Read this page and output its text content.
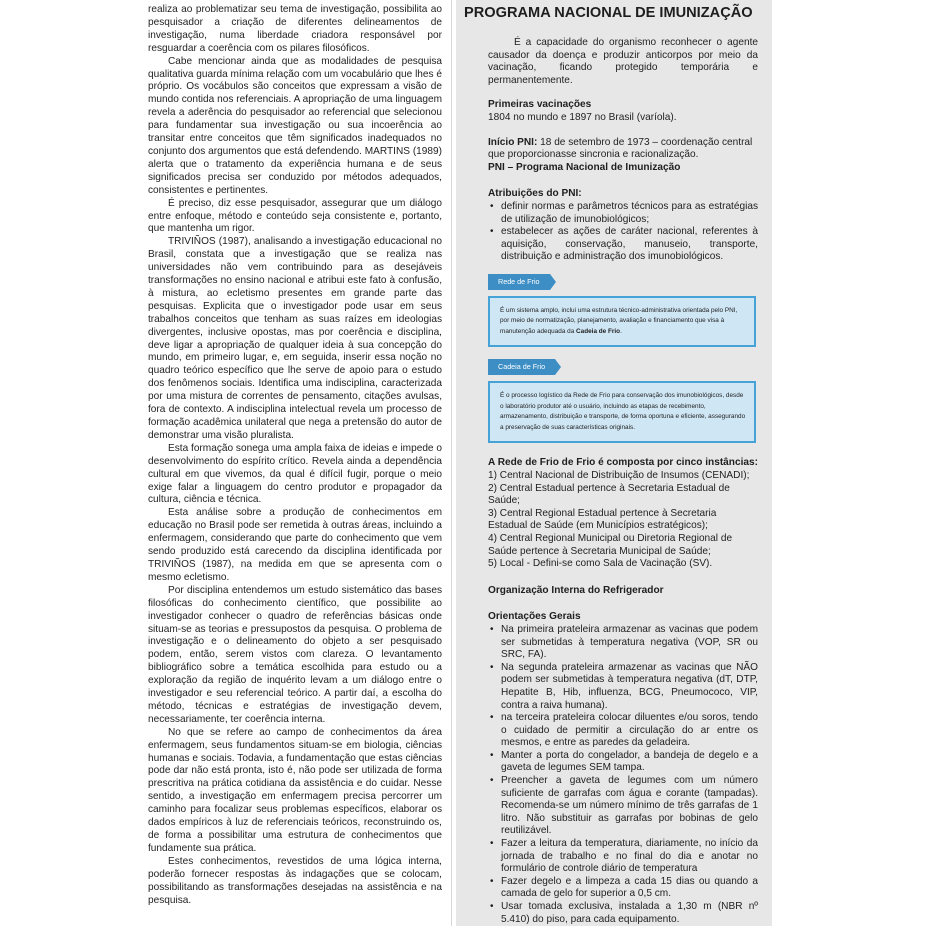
realiza ao problematizar seu tema de investigação, possibilita ao pesquisador a criação de diferentes delineamentos de investigação, numa liberdade criadora responsável por resguardar a coerência com os pilares filosóficos.

Cabe mencionar ainda que as modalidades de pesquisa qualitativa guarda mínima relação com um vocabulário que lhes é próprio. Os vocábulos são conceitos que expressam a visão de mundo contida nos referenciais. A apropriação de uma linguagem revela a aderência do pesquisador ao referencial que selecionou para fundamentar sua investigação ou sua incoerência ao transitar entre conceitos que têm significados inadequados no conjunto dos argumentos que está defendendo. MARTINS (1989) alerta que o tratamento da experiência humana e de seus significados precisa ser conduzido por métodos adequados, consistentes e pertinentes.

É preciso, diz esse pesquisador, assegurar que um diálogo entre enfoque, método e conteúdo seja consistente e, portanto, que mantenha um rigor.

TRIVIÑOS (1987), analisando a investigação educacional no Brasil, constata que a investigação que se realiza nas universidades não vem contribuindo para as desejáveis transformações no ensino nacional e atribui este fato à confusão, à mistura, ao ecletismo presentes em grande parte das pesquisas. Explicita que o investigador pode usar em seus trabalhos conceitos que tenham as suas raízes em ideologias divergentes, inclusive opostas, mas por coerência e disciplina, deve ligar a apropriação de qualquer ideia à sua concepção do mundo, em primeiro lugar, e, em seguida, inserir essa noção no quadro teórico específico que lhe serve de apoio para o estudo dos fenômenos sociais. Identifica uma indisciplina, caracterizada por uma mistura de correntes de pensamento, citações avulsas, fora de contexto. A indisciplina intelectual revela um processo de formação acadêmica unilateral que nega a pretensão do autor de demonstrar uma visão pluralista.

Esta formação sonega uma ampla faixa de ideias e impede o desenvolvimento do espírito crítico. Revela ainda a dependência cultural em que vivemos, da qual é difícil fugir, porque o meio exige falar a linguagem do centro produtor e propagador da cultura, ciência e técnica.

Esta análise sobre a produção de conhecimentos em educação no Brasil pode ser remetida à outras áreas, incluindo a enfermagem, considerando que parte do conhecimento que vem sendo produzido está carecendo da disciplina identificada por TRIVIÑOS (1987), na medida em que se apresenta com o mesmo ecletismo.

Por disciplina entendemos um estudo sistemático das bases filosóficas do conhecimento científico, que possibilite ao investigador conhecer o quadro de referências básicas onde situam-se as teorias e pressupostos da pesquisa. O problema de investigação e o delineamento do objeto a ser pesquisado podem, então, serem vistos com clareza. O levantamento bibliográfico sobre a temática escolhida para estudo ou a exploração da região de inquérito levam a um diálogo entre o investigador e seu referencial teórico. A partir daí, a escolha do método, técnicas e estratégias de investigação devem, necessariamente, ter coerência interna.

No que se refere ao campo de conhecimentos da área enfermagem, seus fundamentos situam-se em biologia, ciências humanas e sociais. Todavia, a fundamentação que estas ciências pode dar não está pronta, isto é, não pode ser utilizada de forma prescritiva na prática cotidiana da assistência e do cuidar. Nesse sentido, a investigação em enfermagem precisa percorrer um caminho para focalizar seus problemas específicos, elaborar os dados empíricos à luz de referenciais teóricos, reconstruindo os, de forma a possibilitar uma estrutura de conhecimentos que fundamente sua prática.

Estes conhecimentos, revestidos de uma lógica interna, poderão fornecer respostas às indagações que se colocam, possibilitando as transformações desejadas na assistência e na pesquisa.

PROGRAMA NACIONAL DE IMUNIZAÇÃO

É a capacidade do organismo reconhecer o agente causador da doença e produzir anticorpos por meio da vacinação, ficando protegido temporária e permanentemente.

Primeiras vacinações

1804 no mundo e 1897 no Brasil (varíola).

Início PNI: 18 de setembro de 1973 – coordenação central que proporcionasse sincronia e racionalização.

PNI – Programa Nacional de Imunização

Atribuições do PNI:

• definir normas e parâmetros técnicos para as estratégias de utilização de imunobiológicos;
• estabelecer as ações de caráter nacional, referentes à aquisição, conservação, manuseio, transporte, distribuição e administração dos imunobiológicos.
Rede de Frio
É um sistema amplo, inclui uma estrutura técnico-administrativa orientada pelo PNI, por meio de normatização, planejamento, avaliação e financiamento que visa à manutenção adequada da Cadeia de Frio.
Cadeia de Frio
É o processo logístico da Rede de Frio para conservação dos imunobiológicos, desde o laboratório produtor até o usuário, incluindo as etapas de recebimento, armazenamento, distribuição e transporte, de forma oportuna e eficiente, assegurando a preservação de suas características originais.

A Rede de Frio de Frio é composta por cinco instâncias:

1) Central Nacional de Distribuição de Insumos (CENADI);

2) Central Estadual pertence à Secretaria Estadual de Saúde;

3) Central Regional Estadual pertence à Secretaria Estadual de Saúde (em Municípios estratégicos);

4) Central Regional Municipal ou Diretoria Regional de Saúde pertence à Secretaria Municipal de Saúde;

5) Local - Defini-se como Sala de Vacinação (SV).

Organização Interna do Refrigerador

Orientações Gerais

• Na primeira prateleira armazenar as vacinas que podem ser submetidas à temperatura negativa (VOP, SR ou SRC, FA).
• Na segunda prateleira armazenar as vacinas que NÃO podem ser submetidas à temperatura negativa (dT, DTP, Hepatite B, Hib, influenza, BCG, Pneumococo, VIP, contra a raiva humana).
• na terceira prateleira colocar diluentes e/ou soros, tendo o cuidado de permitir a circulação do ar entre os mesmos, e entre as paredes da geladeira.
• Manter a porta do congelador, a bandeja de degelo e a gaveta de legumes SEM tampa.
• Preencher a gaveta de legumes com um número suficiente de garrafas com água e corante (tampadas). Recomenda-se um número mínimo de três garrafas de 1 litro. Não substituir as garrafas por bobinas de gelo reutilizável.
• Fazer a leitura da temperatura, diariamente, no início da jornada de trabalho e no final do dia e anotar no formulário de controle diário de temperatura
• Fazer degelo e a limpeza a cada 15 dias ou quando a camada de gelo for superior a 0,5 cm.
• Usar tomada exclusiva, instalada a 1,30 m (NBR nº 5.410) do piso, para cada equipamento.
